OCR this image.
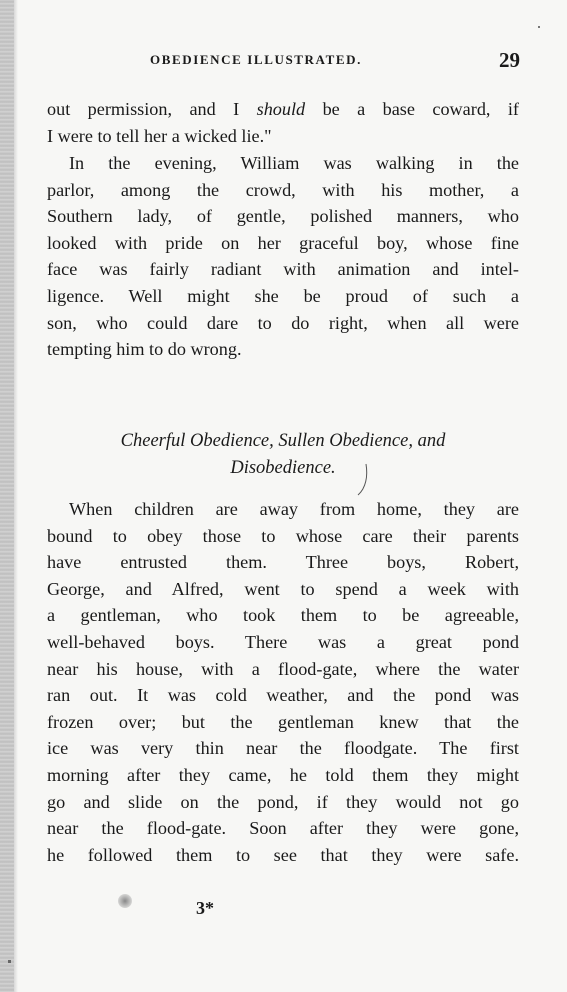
OBEDIENCE ILLUSTRATED.	29

out permission, and I should be a base coward, if
I were to tell her a wicked lie."

In the evening, William was walking in the
parlor, among the crowd, with his mother, a
Southern lady, of gentle, polished manners, who
looked with pride on her graceful boy, whose fine
face was fairly radiant with animation and intel-
ligence. Well might she be proud of such a
son, who could dare to do right, when all were
tempting him to do wrong.

Cheerful Obedience, Sullen Obedience, and
Disobedience.

When children are away from home, they are
bound to obey those to whose care their parents
have entrusted them. Three boys, Robert,
George, and Alfred, went to spend a week with
a gentleman, who took them to be agreeable,
well-behaved boys. There was a great pond
near his house, with a flood-gate, where the water
ran out. It was cold weather, and the pond was
frozen over; but the gentleman knew that the
ice was very thin near the floodgate. The first
morning after they came, he told them they might
go and slide on the pond, if they would not go
near the flood-gate. Soon after they were gone,
he followed them to see that they were safe.

3*
